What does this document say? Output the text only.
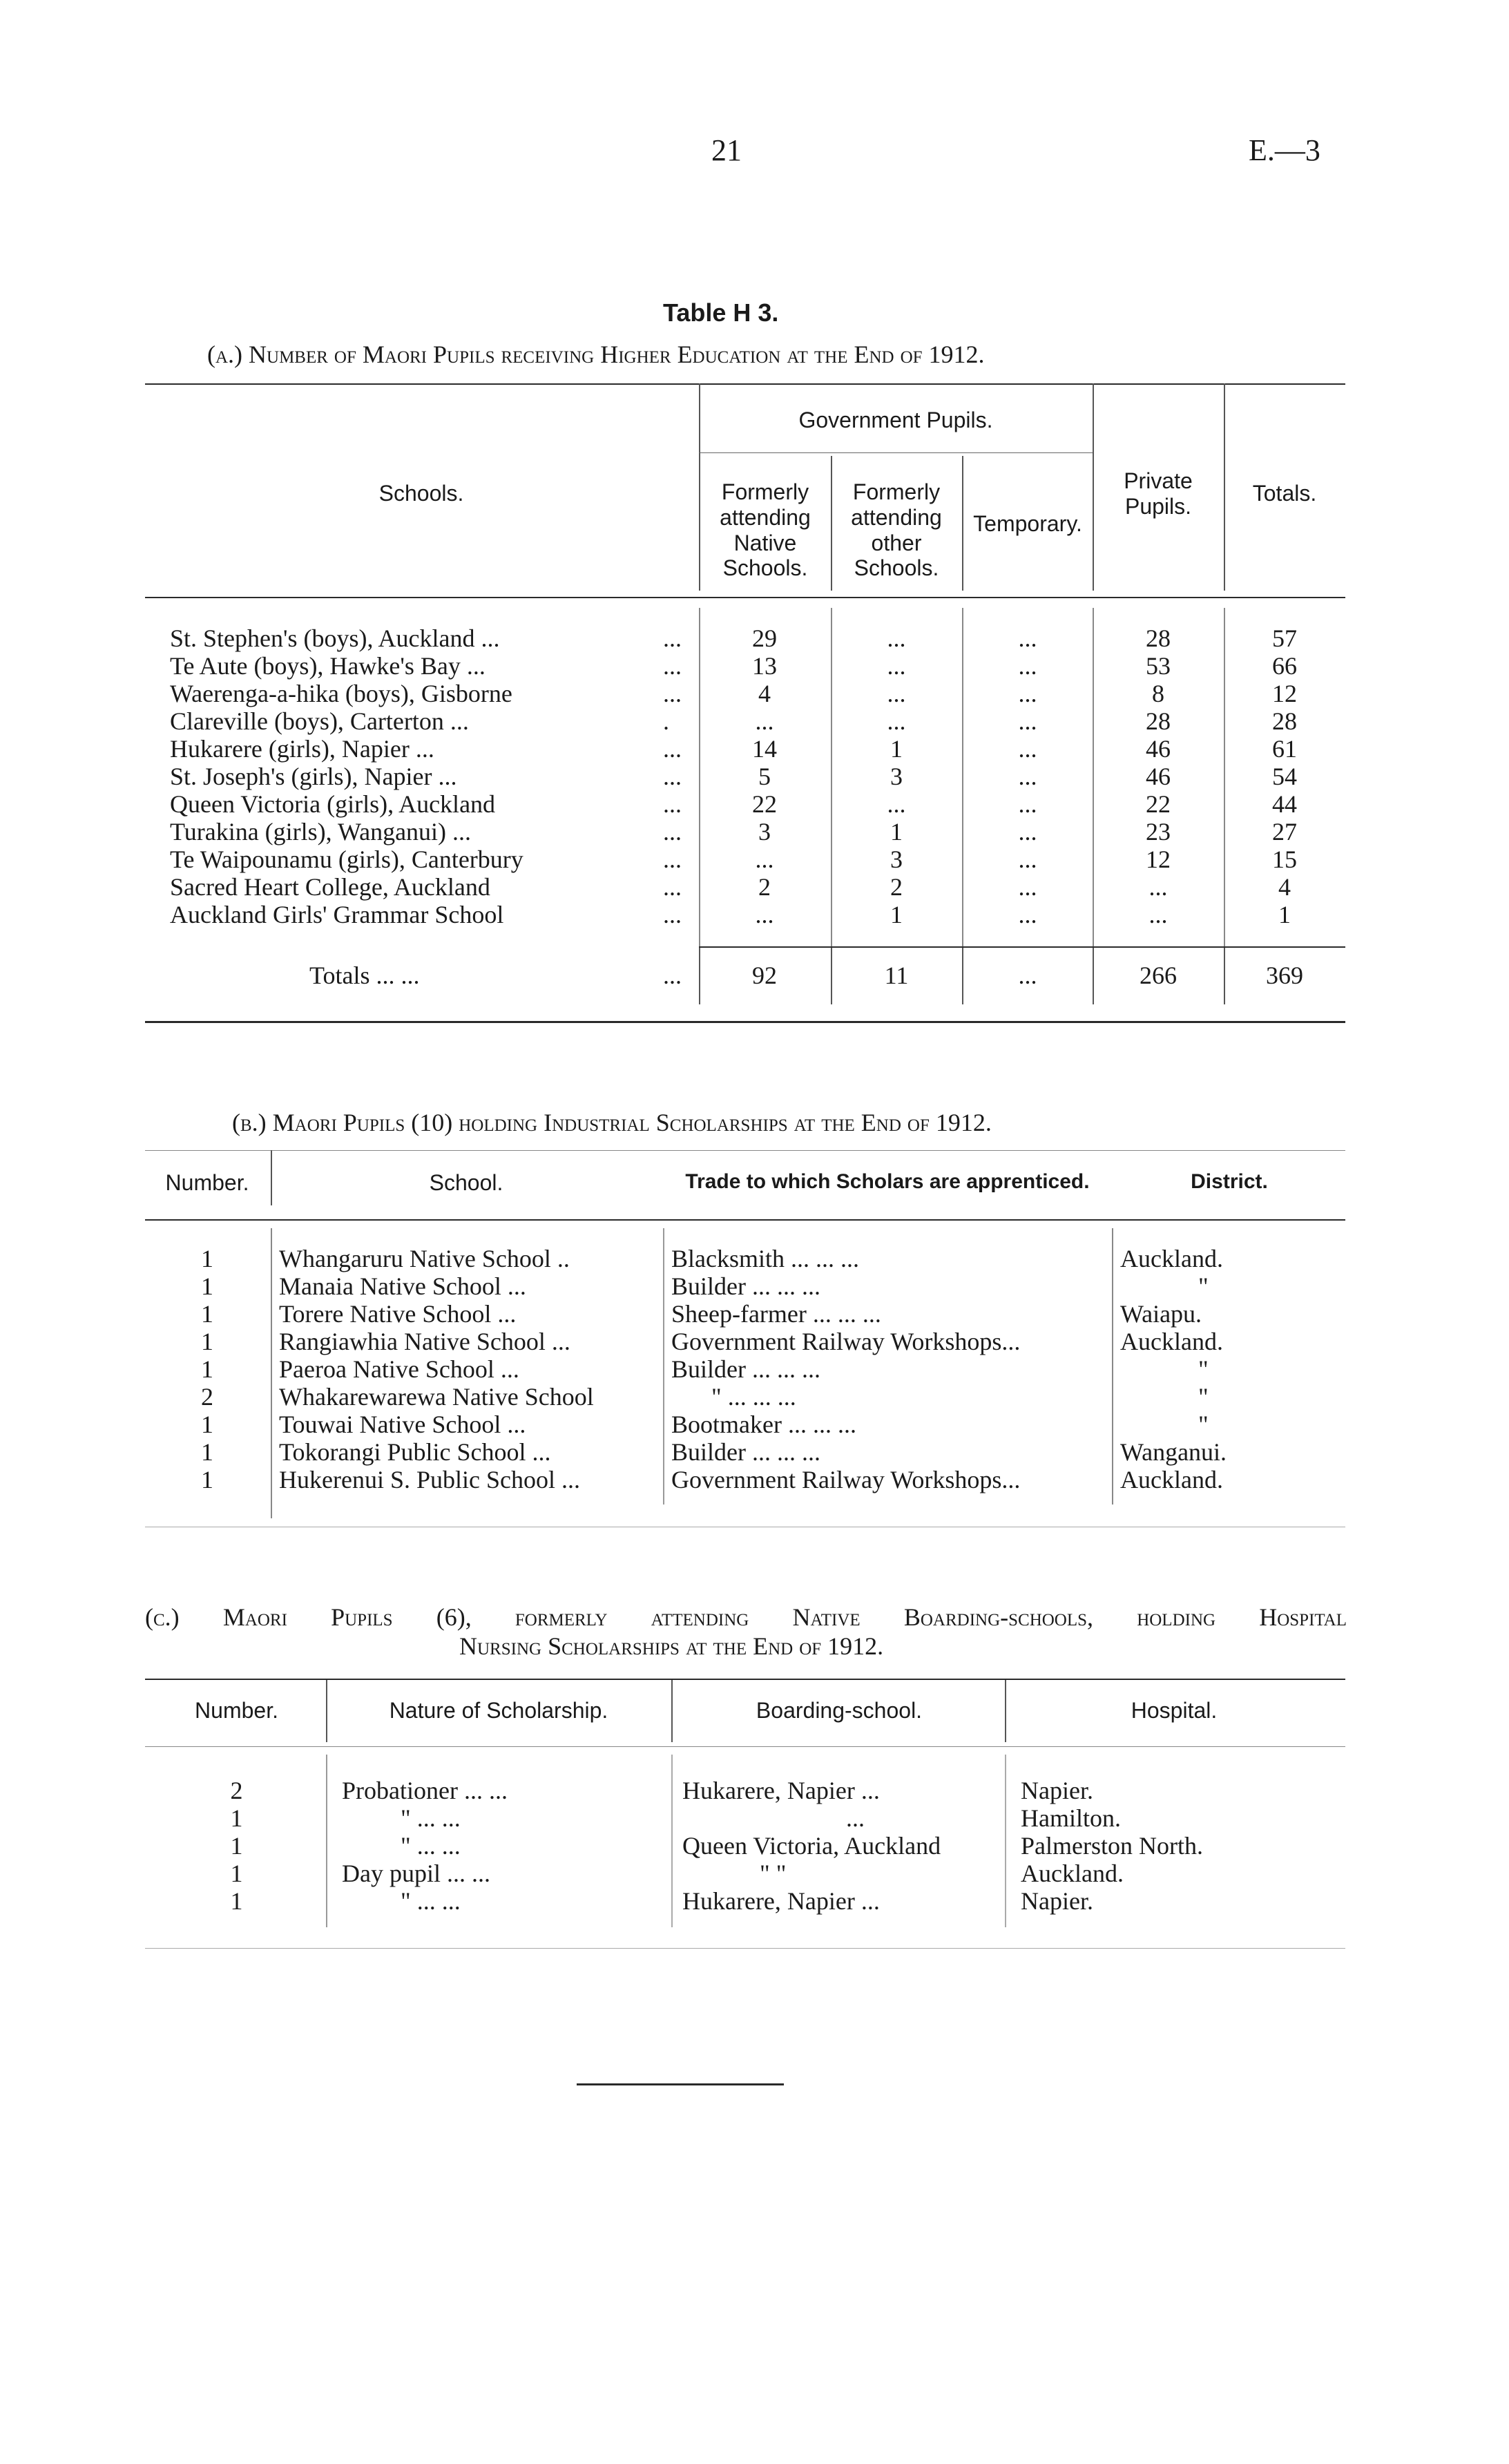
21	E.—3
Table H 3.
(a.) Number of Maori Pupils receiving Higher Education at the End of 1912.
Government Pupils.
Schools.	Formerly attending Native Schools.
Formerly attending other Schools.
Temporary.
Private Pupils.
Totals.
St. Stephen's (boys), Auckland ...	...	29	...	...	28	57
Te Aute (boys), Hawke's Bay ...	...	13	...	...	53	66
Waerenga-a-hika (boys), Gisborne	...	4	...	...	8	12
Clareville (boys), Carterton ...	.	...	...	...	28	28
Hukarere (girls), Napier ...	...	14	1	...	46	61
St. Joseph's (girls), Napier ...	...	5	3	...	46	54
Queen Victoria (girls), Auckland	...	22	...	...	22	44
Turakina (girls), Wanganui) ...	...	3	1	...	23	27
Te Waipounamu (girls), Canterbury	...	...	3	...	12	15
Sacred Heart College, Auckland	...	2	2	...	...	4
Auckland Girls' Grammar School	...	...	1	...	...	1
Totals ... ...	...	92	11	...	266	369
(b.) Maori Pupils (10) holding Industrial Scholarships at the End of 1912.
Number.	School.	Trade to which Scholars are apprenticed.	District.
1	Whangaruru Native School ..	Blacksmith ... ... ...	Auckland.
1	Manaia Native School ...	Builder ... ... ...	"
1	Torere Native School ...	Sheep-farmer ... ... ...	Waiapu.
1	Rangiawhia Native School ...	Government Railway Workshops...	Auckland.
1	Paeroa Native School ...	Builder ... ... ...	"
2	Whakarewarewa Native School	" ... ... ...	"
1	Touwai Native School ...	Bootmaker ... ... ...	"
1	Tokorangi Public School ...	Builder ... ... ...	Wanganui.
1	Hukerenui S. Public School ...	Government Railway Workshops...	Auckland.
(c.) Maori Pupils (6), formerly attending Native Boarding-schools, holding Hospital
Nursing Scholarships at the End of 1912.
Number.	Nature of Scholarship.	Boarding-school.	Hospital.
2	Probationer ... ...	Hukarere, Napier ...	Napier.
1	" ... ...	...	Hamilton.
1	" ... ...	Queen Victoria, Auckland	Palmerston North.
1	Day pupil ... ...	" "	Auckland.
1	" ... ...	Hukarere, Napier ...	Napier.
